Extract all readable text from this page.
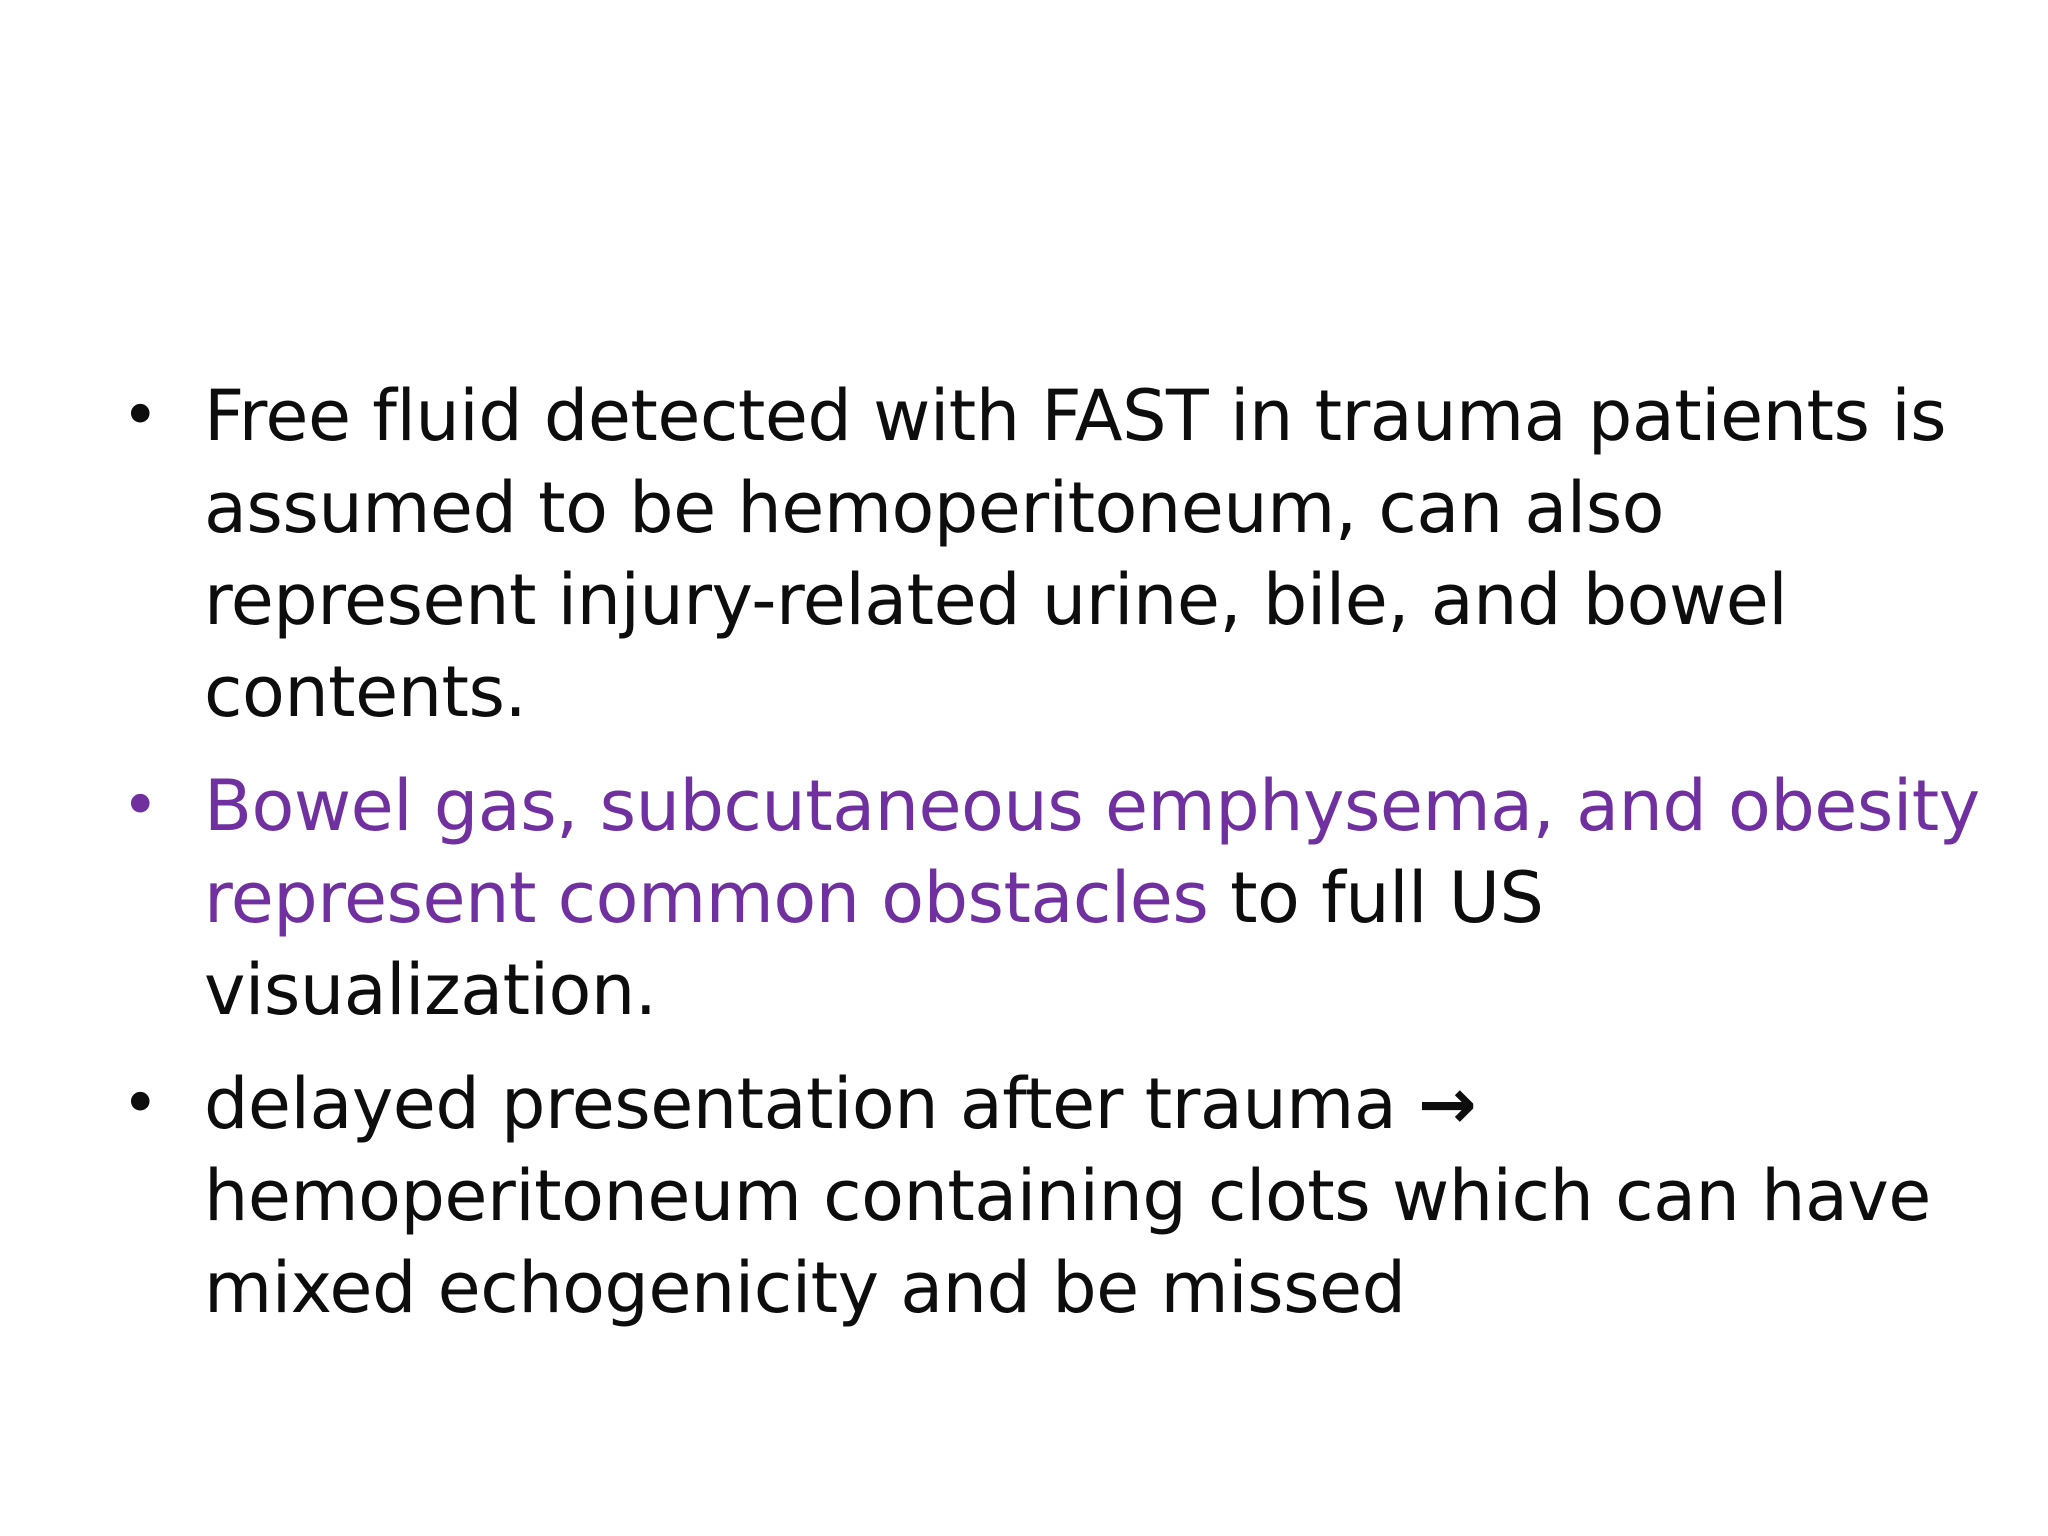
• Free fluid detected with FAST in trauma patients is assumed to be hemoperitoneum, can also represent injury-related urine, bile, and bowel contents.
• Bowel gas, subcutaneous emphysema, and obesity represent common obstacles to full US visualization.
• delayed presentation after trauma → hemoperitoneum containing clots which can have mixed echogenicity and be missed
